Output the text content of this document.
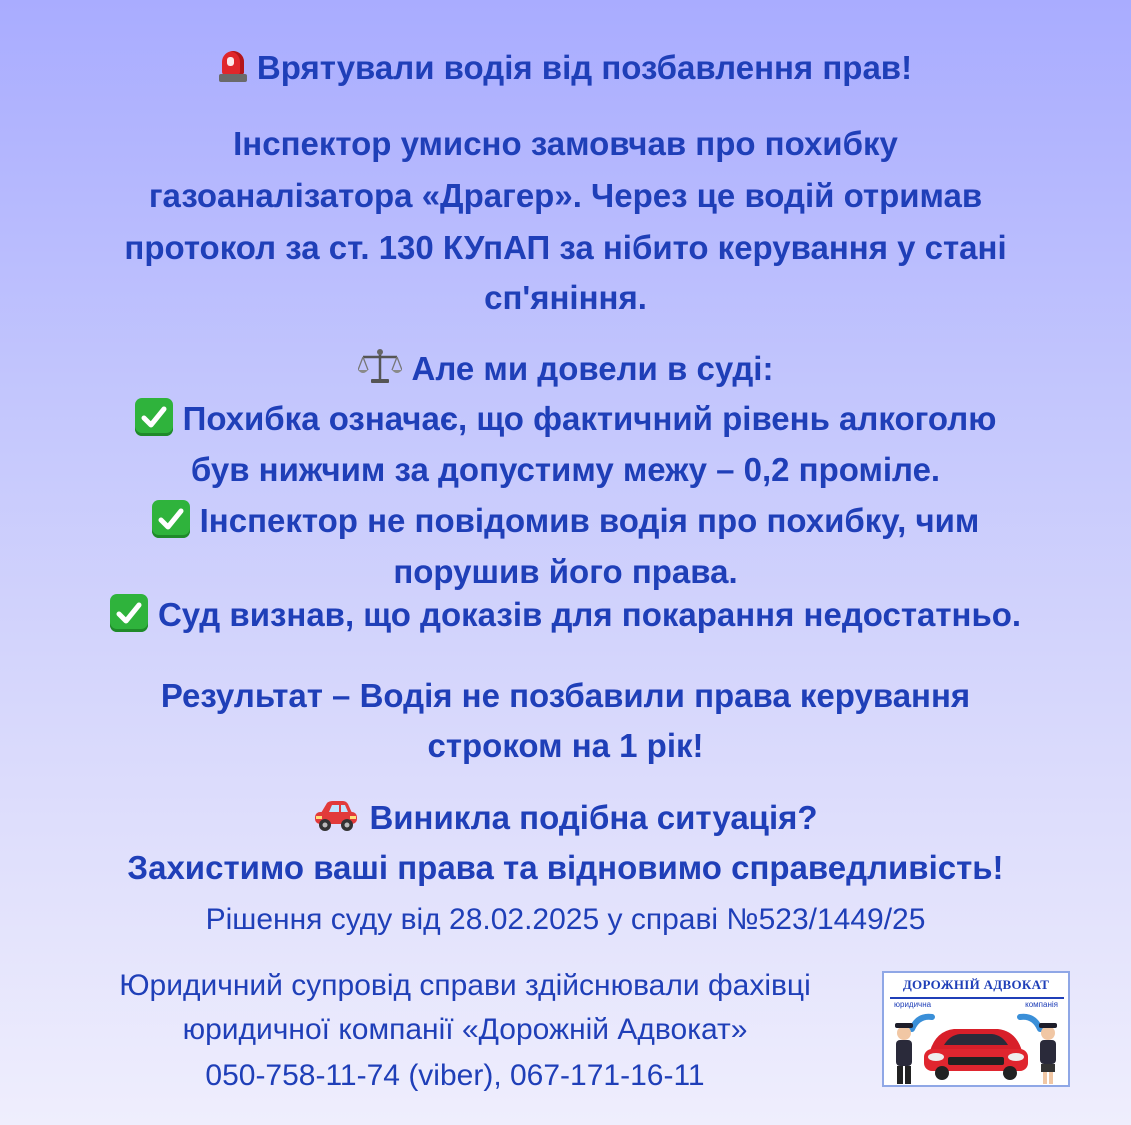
Врятували водія від позбавлення прав!
Інспектор умисно замовчав про похибку
газоаналізатора «Драгер». Через це водій отримав
протокол за ст. 130 КУпАП за нібито керування у стані
сп'яніння.
Але ми довели в суді:
Похибка означає, що фактичний рівень алкоголю
був нижчим за допустиму межу – 0,2 проміле.
Інспектор не повідомив водія про похибку, чим
порушив його права.
Суд визнав, що доказів для покарання недостатньо.
Результат – Водія не позбавили права керування
строком на 1 рік!
Виникла подібна ситуація?
Захистимо ваші права та відновимо справедливість!
Рішення суду від 28.02.2025 у справі №523/1449/25
Юридичний супровід справи здійснювали фахівці
юридичної компанії «Дорожній Адвокат»
050-758-11-74 (viber), 067-171-16-11
ДОРОЖНІЙ АДВОКАТ
юридична	компанія
